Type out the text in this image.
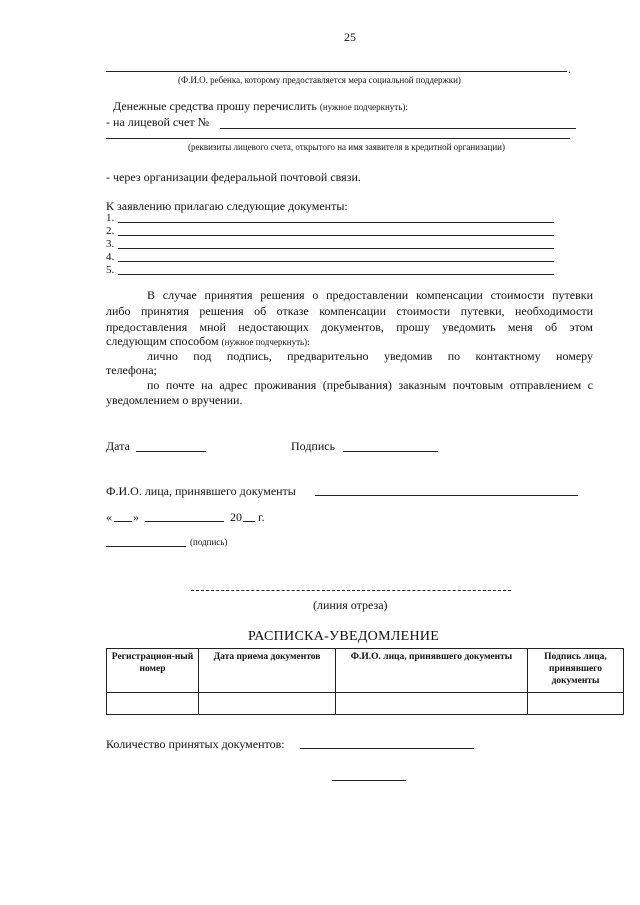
25
.
(Ф.И.О. ребенка, которому предоставляется мера социальной поддержки)
Денежные средства прошу перечислить (нужное подчеркнуть):
- на лицевой счет №
(реквизиты лицевого счета, открытого на имя заявителя в кредитной организации)
- через организации федеральной почтовой связи.
К заявлению прилагаю следующие документы:
1.
2.
3.
4.
5.
В случае принятия решения о предоставлении компенсации стоимости путевки
либо принятия решения об отказе компенсации стоимости путевки, необходимости
предоставления мной недостающих документов, прошу уведомить меня об этом
следующим способом (нужное подчеркнуть):
лично под подпись, предварительно уведомив по контактному номеру
телефона;
по почте на адрес проживания (пребывания) заказным почтовым отправлением с
уведомлением о вручении.
Дата	Подпись
Ф.И.О. лица, принявшего документы
« »	20 г.
(подпись)
(линия отреза)
РАСПИСКА-УВЕДОМЛЕНИЕ
Регистрацион-ный номер	Дата приема документов	Ф.И.О. лица, принявшего документы	Подпись лица, принявшего документы

Количество принятых документов:
